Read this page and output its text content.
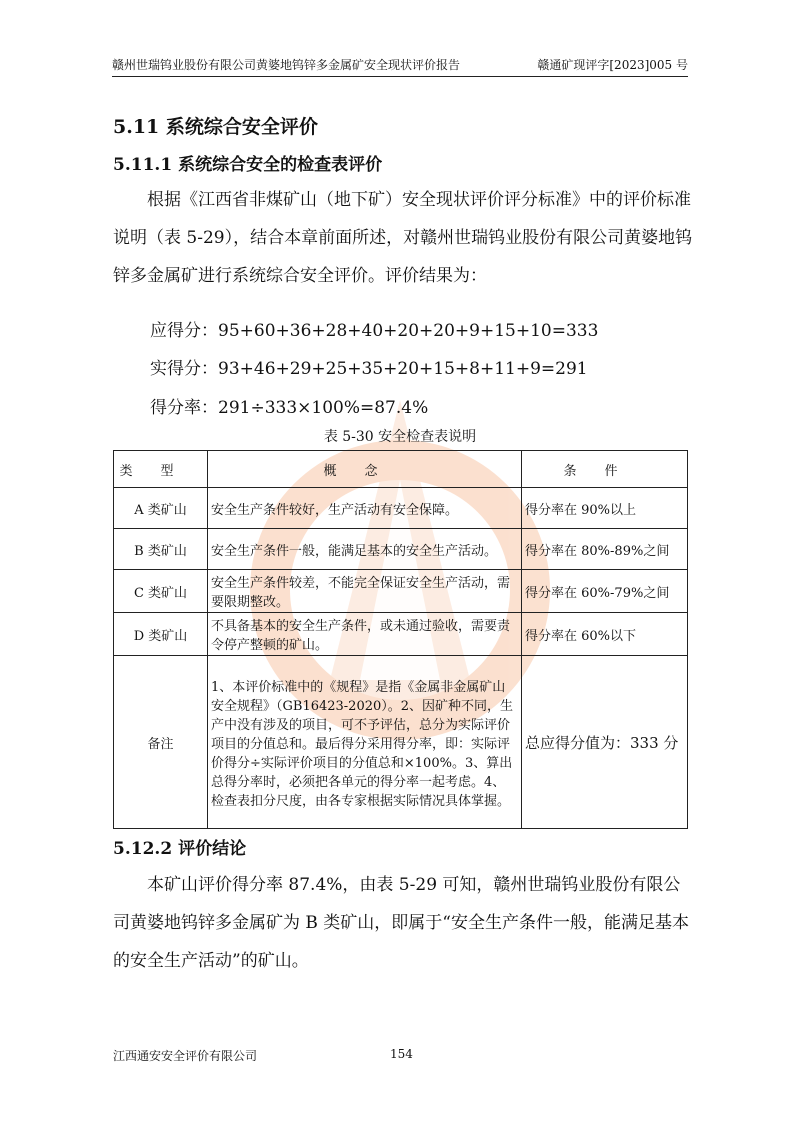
赣州世瑞钨业股份有限公司黄婆地钨锌多金属矿安全现状评价报告	赣通矿现评字[2023]005 号
5.11 系统综合安全评价
5.11.1 系统综合安全的检查表评价

根据《江西省非煤矿山（地下矿）安全现状评价评分标准》中的评价标准说明（表 5-29），结合本章前面所述，对赣州世瑞钨业股份有限公司黄婆地钨锌多金属矿进行系统综合安全评价。评价结果为：

应得分：95+60+36+28+40+20+20+9+15+10=333
实得分：93+46+29+25+35+20+15+8+11+9=291
得分率：291÷333×100%=87.4%
表 5-30 安全检查表说明
类型	概念	条件
A 类矿山	安全生产条件较好，生产活动有安全保障。	得分率在 90%以上
B 类矿山	安全生产条件一般，能满足基本的安全生产活动。	得分率在 80%-89%之间
C 类矿山	安全生产条件较差，不能完全保证安全生产活动，需要限期整改。	得分率在 60%-79%之间
D 类矿山	不具备基本的安全生产条件，或未通过验收，需要责令停产整顿的矿山。	得分率在 60%以下
备注	1、本评价标准中的《规程》是指《金属非金属矿山安全规程》（GB16423-2020）。2、因矿种不同，生产中没有涉及的项目，可不予评估，总分为实际评价项目的分值总和。最后得分采用得分率，即：实际评价得分÷实际评价项目的分值总和×100%。3、算出总得分率时，必须把各单元的得分率一起考虑。4、检查表扣分尺度，由各专家根据实际情况具体掌握。	总应得分值为：333 分
5.12.2 评价结论

本矿山评价得分率 87.4%，由表 5-29 可知，赣州世瑞钨业股份有限公司黄婆地钨锌多金属矿为 B 类矿山，即属于“安全生产条件一般，能满足基本的安全生产活动”的矿山。

江西通安安全评价有限公司	154
